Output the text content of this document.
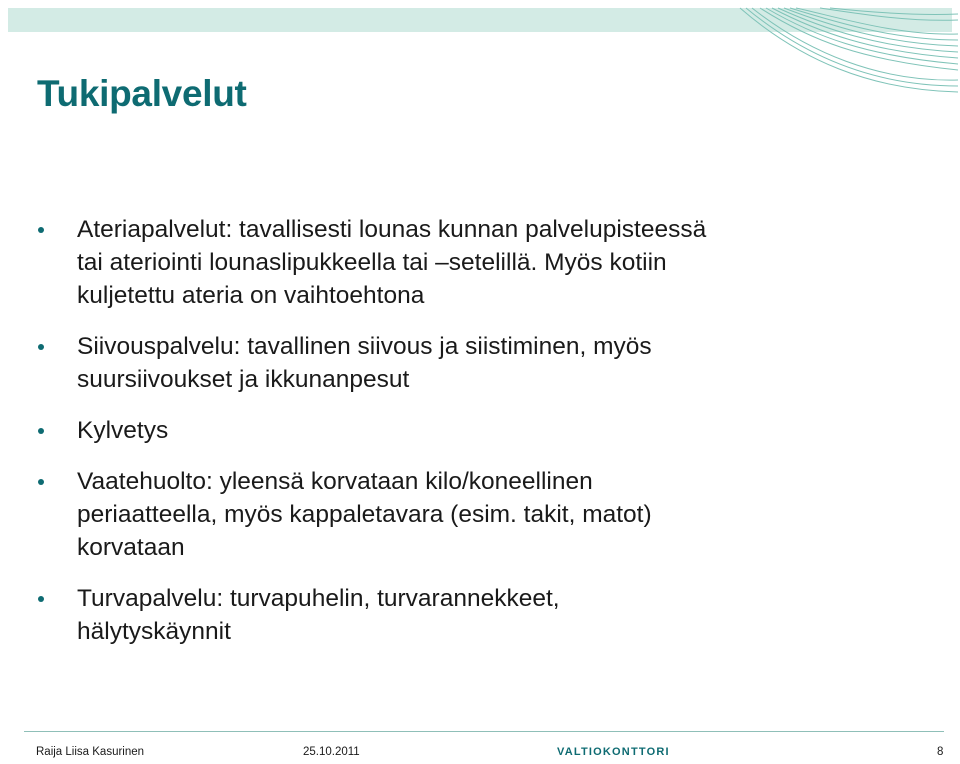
Tukipalvelut
Ateriapalvelut: tavallisesti lounas kunnan palvelupisteessä
tai ateriointi lounaslipukkeella tai –setelillä. Myös kotiin
kuljetettu ateria on vaihtoehtona
Siivouspalvelu: tavallinen siivous ja siistiminen, myös
suursiivoukset ja ikkunanpesut
Kylvetys
Vaatehuolto: yleensä korvataan kilo/koneellinen
periaatteella, myös kappaletavara (esim. takit, matot)
korvataan
Turvapalvelu: turvapuhelin, turvarannekkeet,
hälytyskäynnit
Raija Liisa Kasurinen	25.10.2011	VALTIOKONTTORI	8
